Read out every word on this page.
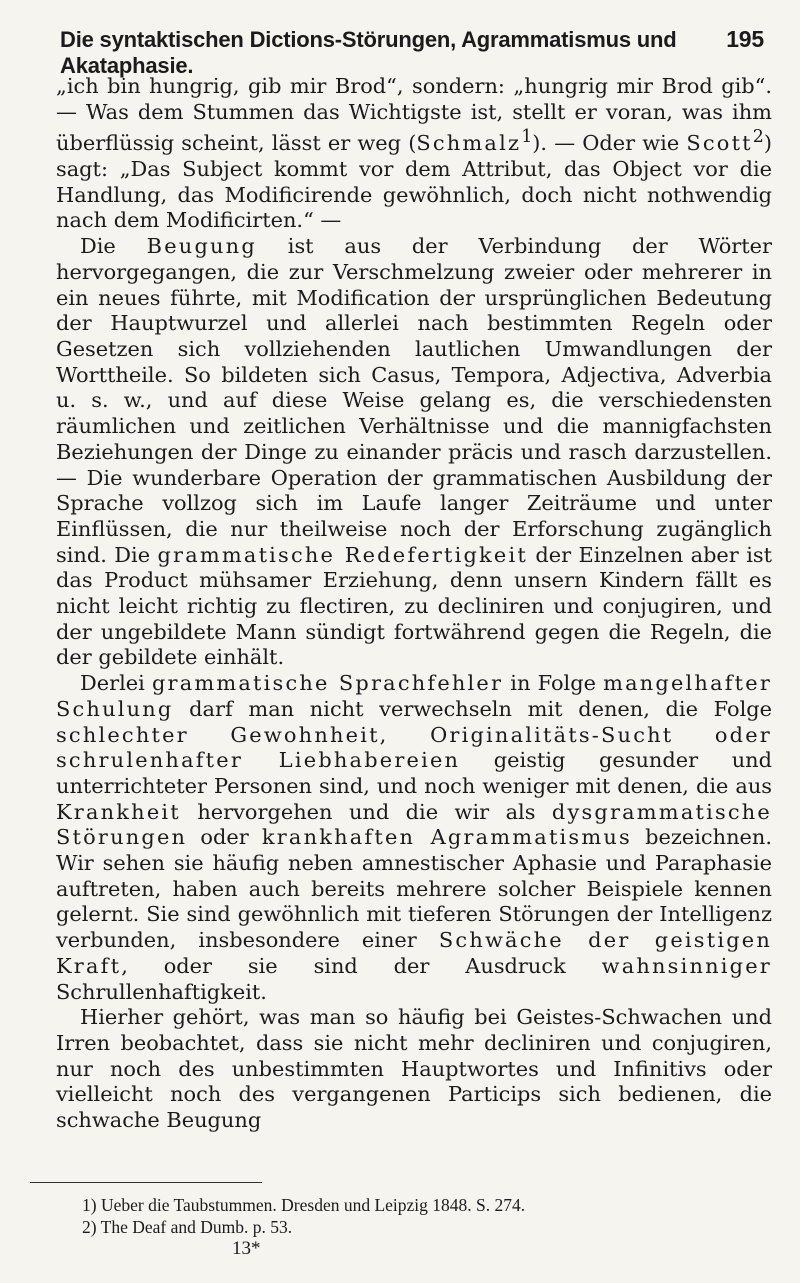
Die syntaktischen Dictions-Störungen, Agrammatismus und Akataphasie.
195

„ich bin hungrig, gib mir Brod“, sondern: „hungrig mir Brod gib“. — Was dem Stummen das Wichtigste ist, stellt er voran, was ihm überflüssig scheint, lässt er weg (Schmalz$^1$). — Oder wie Scott$^2$) sagt: „Das Subject kommt vor dem Attribut, das Object vor die Handlung, das Modificirende gewöhnlich, doch nicht nothwendig nach dem Modificirten.“ —

Die Beugung ist aus der Verbindung der Wörter hervorgegangen, die zur Verschmelzung zweier oder mehrerer in ein neues führte, mit Modification der ursprünglichen Bedeutung der Hauptwurzel und allerlei nach bestimmten Regeln oder Gesetzen sich vollziehenden lautlichen Umwandlungen der Worttheile. So bildeten sich Casus, Tempora, Adjectiva, Adverbia u. s. w., und auf diese Weise gelang es, die verschiedensten räumlichen und zeitlichen Verhältnisse und die mannigfachsten Beziehungen der Dinge zu einander präcis und rasch darzustellen. — Die wunderbare Operation der grammatischen Ausbildung der Sprache vollzog sich im Laufe langer Zeiträume und unter Einflüssen, die nur theilweise noch der Erforschung zugänglich sind. Die grammatische Redefertigkeit der Einzelnen aber ist das Product mühsamer Erziehung, denn unsern Kindern fällt es nicht leicht richtig zu flectiren, zu decliniren und conjugiren, und der ungebildete Mann sündigt fortwährend gegen die Regeln, die der gebildete einhält.

Derlei grammatische Sprachfehler in Folge mangelhafter Schulung darf man nicht verwechseln mit denen, die Folge schlechter Gewohnheit, Originalitäts-Sucht oder schrulenhafter Liebhabereien geistig gesunder und unterrichteter Personen sind, und noch weniger mit denen, die aus Krankheit hervorgehen und die wir als dysgrammatische Störungen oder krankhaften Agrammatismus bezeichnen. Wir sehen sie häufig neben amnestischer Aphasie und Paraphasie auftreten, haben auch bereits mehrere solcher Beispiele kennen gelernt. Sie sind gewöhnlich mit tieferen Störungen der Intelligenz verbunden, insbesondere einer Schwäche der geistigen Kraft, oder sie sind der Ausdruck wahnsinniger Schrullenhaftigkeit.

Hierher gehört, was man so häufig bei Geistes-Schwachen und Irren beobachtet, dass sie nicht mehr decliniren und conjugiren, nur noch des unbestimmten Hauptwortes und Infinitivs oder vielleicht noch des vergangenen Particips sich bedienen, die schwache Beugung

1) Ueber die Taubstummen. Dresden und Leipzig 1848. S. 274.
2) The Deaf and Dumb. p. 53.
13*
